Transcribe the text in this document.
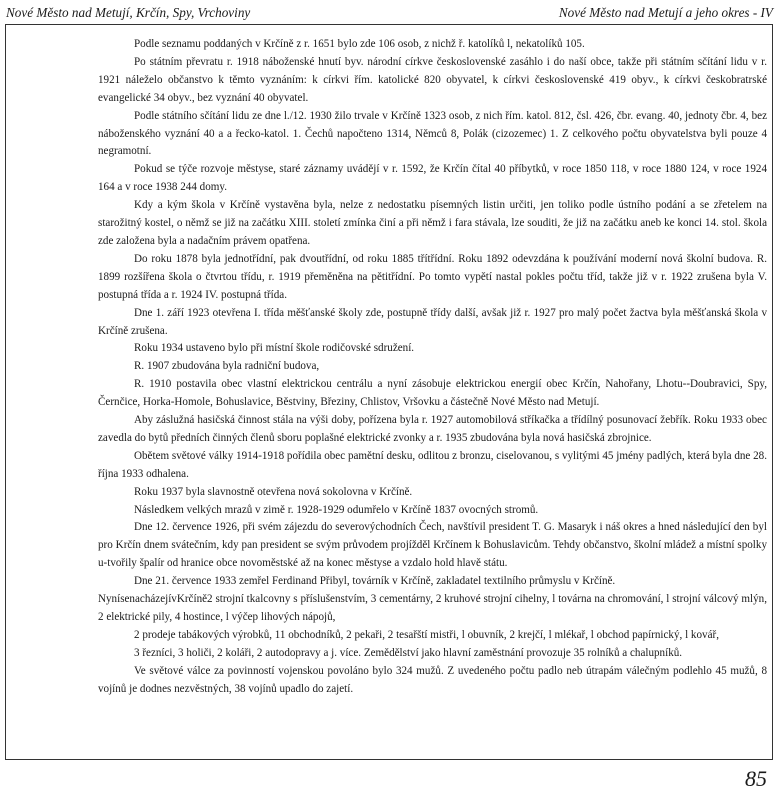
Nové Město nad Metují, Krčín, Spy, Vrchoviny	Nové Město nad Metují a jeho okres - IV

Podle seznamu poddaných v Krčíně z r. 1651 bylo zde 106 osob, z nichž ř. katolíků l, nekatolíků 105.

Po státním převratu r. 1918 náboženské hnutí byv. národní církve československé zasáhlo i do naší obce, takže při státním sčítání lidu v r. 1921 náleželo občanstvo k těmto vyznáním: k církvi řím. katolické 820 obyvatel, k církvi československé 419 obyv., k církvi českobratrské evangelické 34 obyv., bez vyznání 40 obyvatel.

Podle státního sčítání lidu ze dne l./12. 1930 žilo trvale v Krčíně 1323 osob, z nich řím. katol. 812, čsl. 426, čbr. evang. 40, jednoty čbr. 4, bez náboženského vyznání 40 a a řecko-katol. 1. Čechů napočteno 1314, Němců 8, Polák (cizozemec) 1. Z celkového počtu obyvatelstva byli pouze 4 negramotní.

Pokud se týče rozvoje městyse, staré záznamy uvádějí v r. 1592, že Krčín čítal 40 příbytků, v roce 1850 118, v roce 1880 124, v roce 1924 164 a v roce 1938 244 domy.

Kdy a kým škola v Krčíně vystavěna byla, nelze z nedostatku písemných listin určiti, jen toliko podle ústního podání a se zřetelem na starožitný kostel, o němž se již na začátku XIII. století zmínka činí a při němž i fara stávala, lze souditi, že již na začátku aneb ke konci 14. stol. škola zde založena byla a nadačním právem opatřena.

Do roku 1878 byla jednotřídní, pak dvoutřídní, od roku 1885 třítřídní. Roku 1892 odevzdána k používání moderní nová školní budova. R. 1899 rozšířena škola o čtvrtou třídu, r. 1919 přeměněna na pětitřídní. Po tomto vypětí nastal pokles počtu tříd, takže již v r. 1922 zrušena byla V. postupná třída a r. 1924 IV. postupná třída.

Dne 1. září 1923 otevřena I. třída měšťanské školy zde, postupně třídy další, avšak již r. 1927 pro malý počet žactva byla měšťanská škola v Krčíně zrušena.

Roku 1934 ustaveno bylo při místní škole rodičovské sdružení.

R. 1907 zbudována byla radniční budova,

R. 1910 postavila obec vlastní elektrickou centrálu a nyní zásobuje elektrickou energií obec Krčín, Nahořany, Lhotu--Doubravici, Spy, Černčice, Horka-Homole, Bohuslavice, Běstviny, Březiny, Chlistov, Vršovku a částečně Nové Město nad Metují.

Aby záslužná hasičská činnost stála na výši doby, pořízena byla r. 1927 automobilová stříkačka a třídílný posunovací žebřík. Roku 1933 obec zavedla do bytů předních činných členů sboru poplašné elektrické zvonky a r. 1935 zbudována byla nová hasičská zbrojnice.

Obětem světové války 1914-1918 pořídila obec pamětní desku, odlitou z bronzu, ciselovanou, s vylitými 45 jmény padlých, která byla dne 28. října 1933 odhalena.

Roku 1937 byla slavnostně otevřena nová sokolovna v Krčíně.

Následkem velkých mrazů v zimě r. 1928-1929 odumřelo v Krčíně 1837 ovocných stromů.

Dne 12. července 1926, při svém zájezdu do severovýchodních Čech, navštívil president T. G. Masaryk i náš okres a hned následující den byl pro Krčín dnem svátečním, kdy pan president se svým průvodem projížděl Krčínem k Bohuslavicům. Tehdy občanstvo, školní mládež a místní spolky u-tvořily špalír od hranice obce novoměstské až na konec městyse a vzdalo hold hlavě státu.

Dne 21. července 1933 zemřel Ferdinand Přibyl, továrník v Krčíně, zakladatel textilního průmyslu v Krčíně.

NynísenacházejívKrčíně2 strojní tkalcovny s příslušenstvím, 3 cementárny, 2 kruhové strojní cihelny, l továrna na chromování, l strojní válcový mlýn, 2 elektrické pily, 4 hostince, l výčep lihových nápojů,

2 prodeje tabákových výrobků, 11 obchodníků, 2 pekaři, 2 tesařští mistři, l obuvník, 2 krejčí, l mlékař, l obchod papírnický, l kovář,

3 řezníci, 3 holiči, 2 koláři, 2 autodopravy a j. více. Zemědělství jako hlavní zaměstnání provozuje 35 rolníků a chalupníků.

Ve světové válce za povinností vojenskou povoláno bylo 324 mužů. Z uvedeného počtu padlo neb útrapám válečným podlehlo 45 mužů, 8 vojínů je dodnes nezvěstných, 38 vojínů upadlo do zajetí.

85
